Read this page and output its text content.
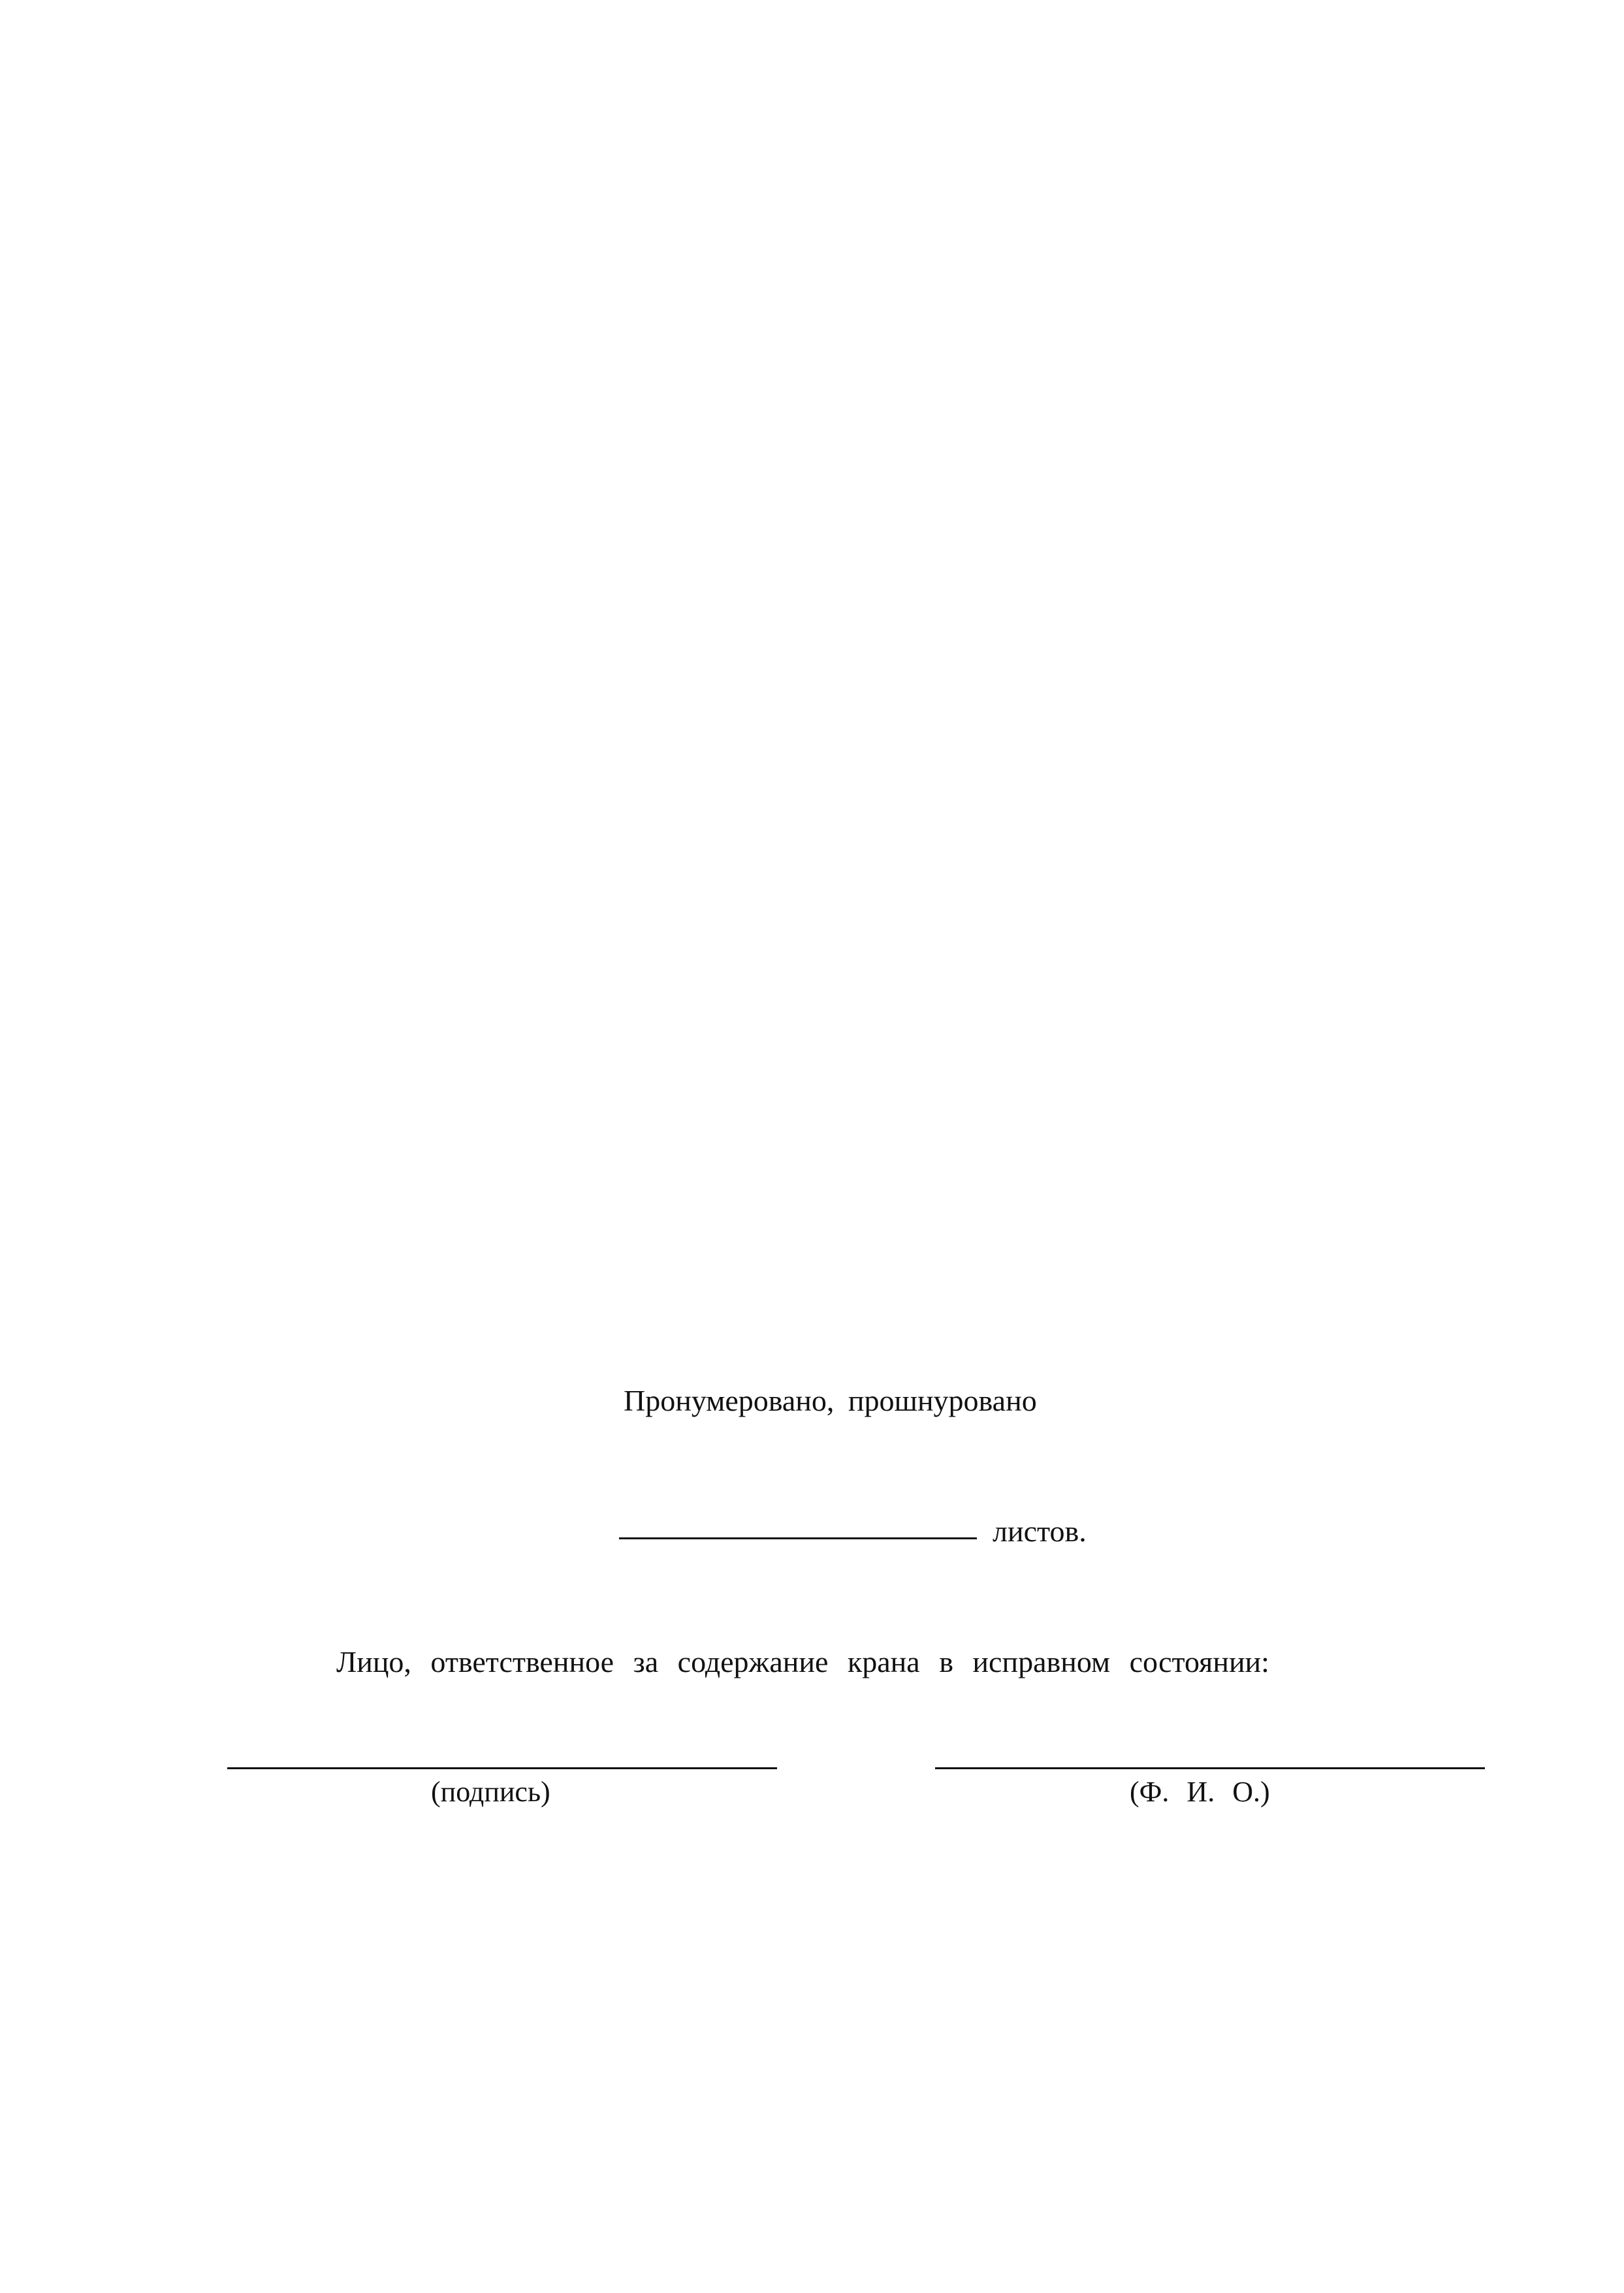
Пронумеровано, прошнуровано
листов.
Лицо, ответственное за содержание крана в исправном состоянии:
(подпись)	(Ф. И. О.)
